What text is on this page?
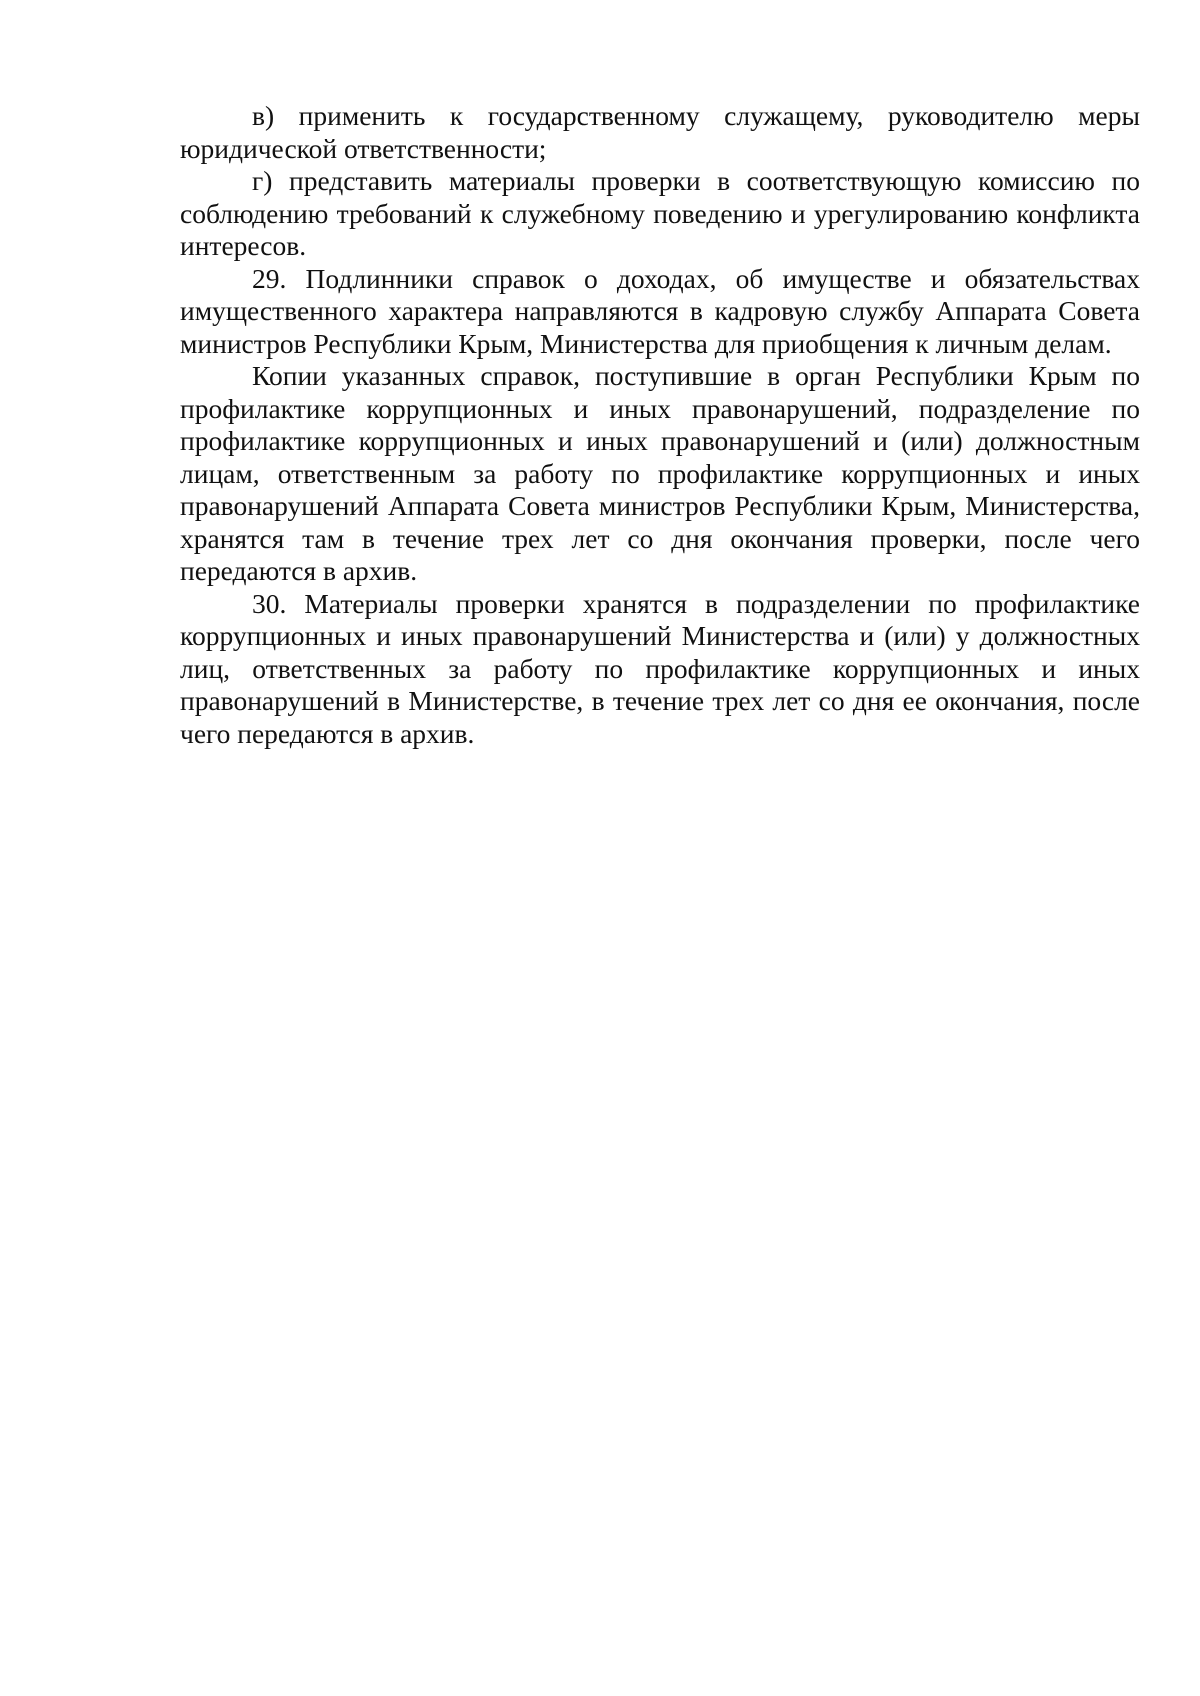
в) применить к государственному служащему, руководителю меры юридической ответственности;

г) представить материалы проверки в соответствующую комиссию по соблюдению требований к служебному поведению и урегулированию конфликта интересов.

29. Подлинники справок о доходах, об имуществе и обязательствах имущественного характера направляются в кадровую службу Аппарата Совета министров Республики Крым, Министерства для приобщения к личным делам.

Копии указанных справок, поступившие в орган Республики Крым по профилактике коррупционных и иных правонарушений, подразделение по профилактике коррупционных и иных правонарушений и (или) должностным лицам, ответственным за работу по профилактике коррупционных и иных правонарушений Аппарата Совета министров Республики Крым, Министерства, хранятся там в течение трех лет со дня окончания проверки, после чего передаются в архив.

30. Материалы проверки хранятся в подразделении по профилактике коррупционных и иных правонарушений Министерства и (или) у должностных лиц, ответственных за работу по профилактике коррупционных и иных правонарушений в Министерстве, в течение трех лет со дня ее окончания, после чего передаются в архив.
